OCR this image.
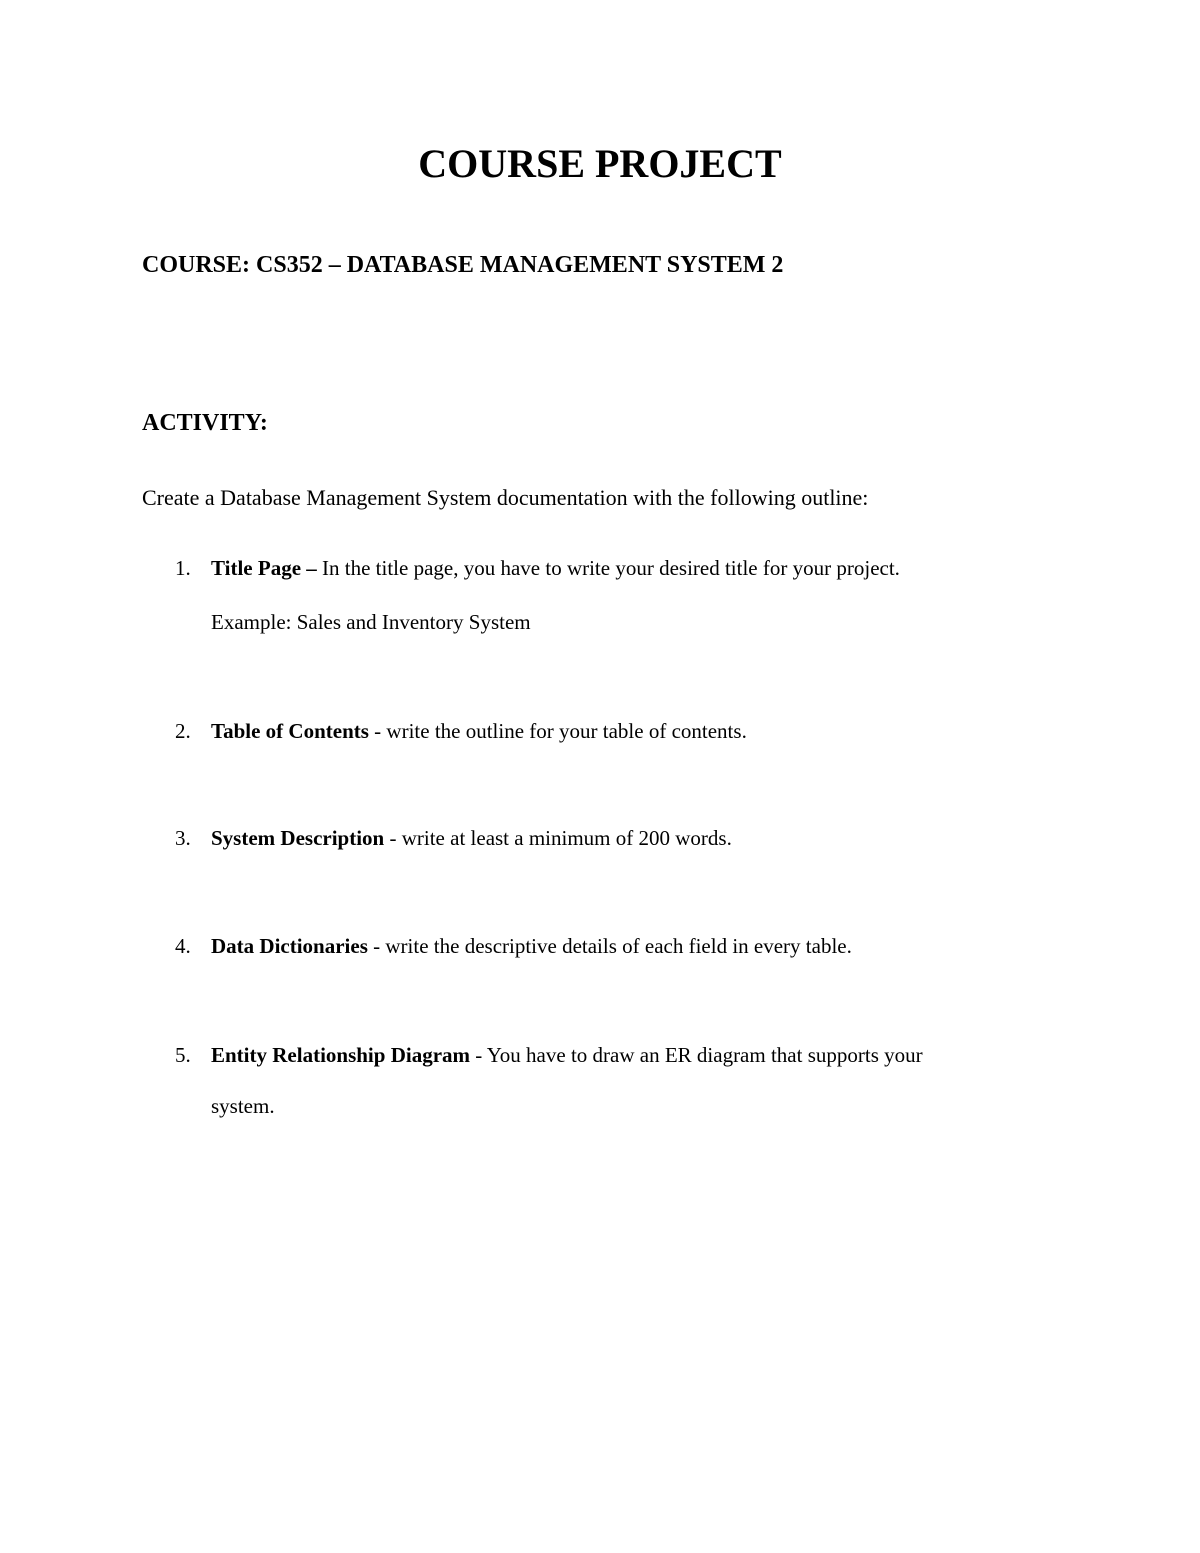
COURSE PROJECT

COURSE: CS352 – DATABASE MANAGEMENT SYSTEM 2

ACTIVITY:

Create a Database Management System documentation with the following outline:

1. Title Page – In the title page, you have to write your desired title for your project.
Example: Sales and Inventory System
2. Table of Contents - write the outline for your table of contents.
3. System Description - write at least a minimum of 200 words.
4. Data Dictionaries - write the descriptive details of each field in every table.
5. Entity Relationship Diagram - You have to draw an ER diagram that supports your
system.
